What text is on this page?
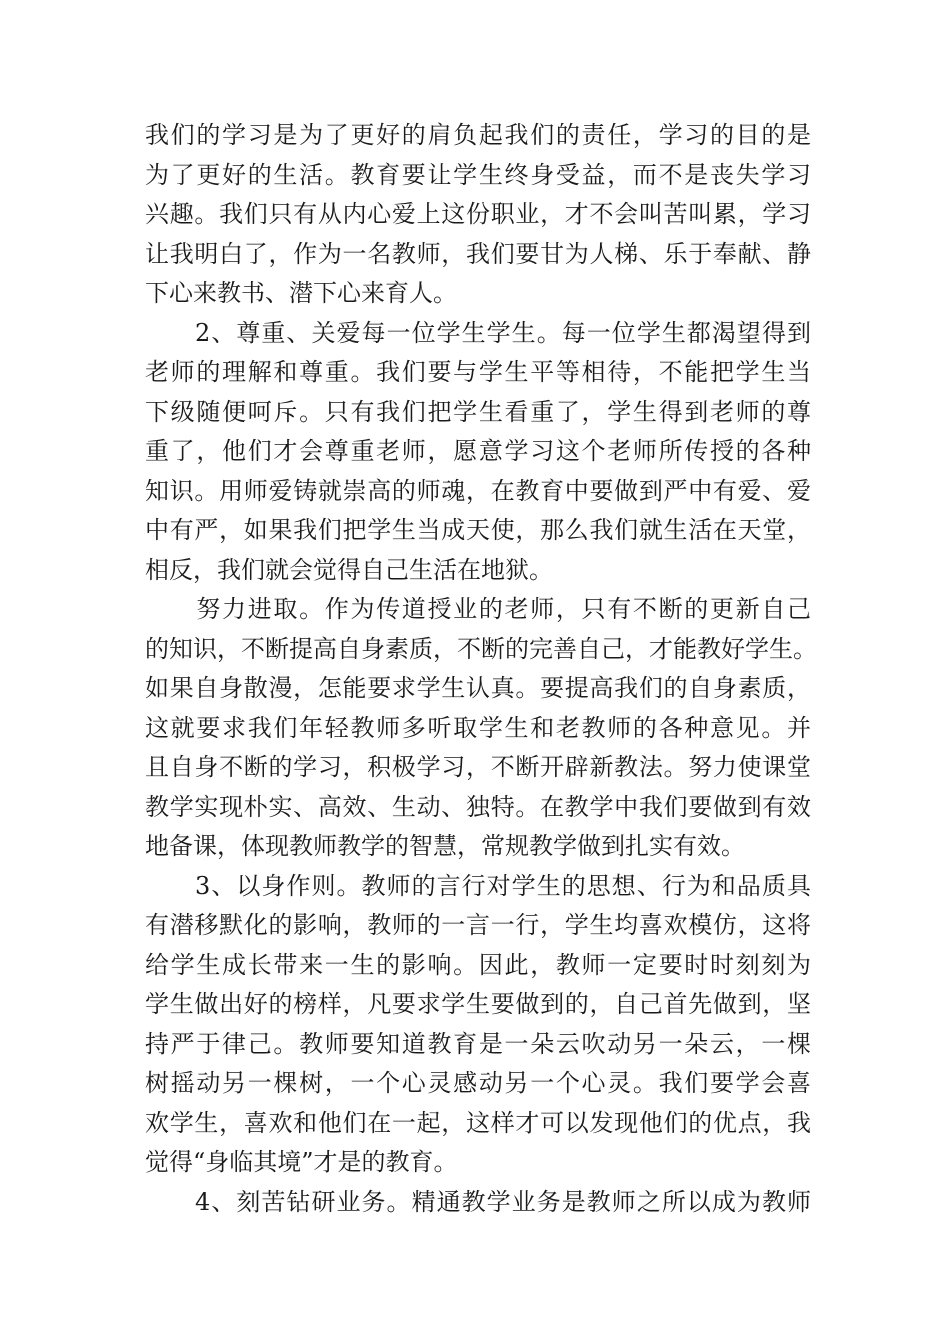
我们的学习是为了更好的肩负起我们的责任，学习的目的是
为了更好的生活。教育要让学生终身受益，而不是丧失学习
兴趣。我们只有从内心爱上这份职业，才不会叫苦叫累，学习
让我明白了，作为一名教师，我们要甘为人梯、乐于奉献、静
下心来教书、潜下心来育人。
　　2、尊重、关爱每一位学生学生。每一位学生都渴望得到
老师的理解和尊重。我们要与学生平等相待，不能把学生当
下级随便呵斥。只有我们把学生看重了，学生得到老师的尊
重了，他们才会尊重老师，愿意学习这个老师所传授的各种
知识。用师爱铸就崇高的师魂，在教育中要做到严中有爱、爱
中有严，如果我们把学生当成天使，那么我们就生活在天堂，
相反，我们就会觉得自己生活在地狱。
　　努力进取。作为传道授业的老师，只有不断的更新自己
的知识，不断提高自身素质，不断的完善自己，才能教好学生。
如果自身散漫，怎能要求学生认真。要提高我们的自身素质，
这就要求我们年轻教师多听取学生和老教师的各种意见。并
且自身不断的学习，积极学习，不断开辟新教法。努力使课堂
教学实现朴实、高效、生动、独特。在教学中我们要做到有效
地备课，体现教师教学的智慧，常规教学做到扎实有效。
　　3、以身作则。教师的言行对学生的思想、行为和品质具
有潜移默化的影响，教师的一言一行，学生均喜欢模仿，这将
给学生成长带来一生的影响。因此，教师一定要时时刻刻为
学生做出好的榜样，凡要求学生要做到的，自己首先做到，坚
持严于律己。教师要知道教育是一朵云吹动另一朵云，一棵
树摇动另一棵树，一个心灵感动另一个心灵。我们要学会喜
欢学生，喜欢和他们在一起，这样才可以发现他们的优点，我
觉得“身临其境”才是的教育。
　　4、刻苦钻研业务。精通教学业务是教师之所以成为教师
